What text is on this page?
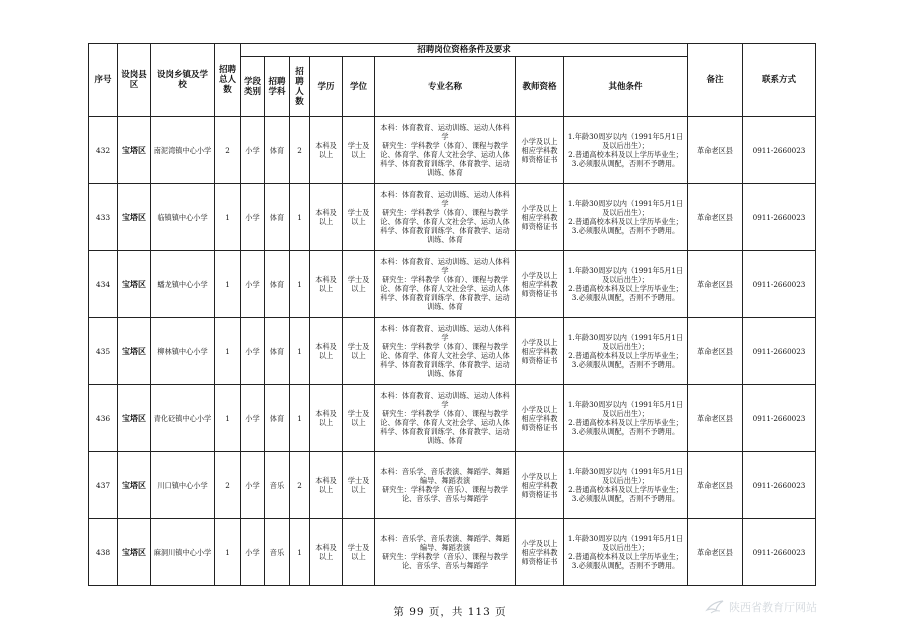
序号	设岗县区	设岗乡镇及学校	招聘总人数	招聘岗位资格条件及要求								备注	联系方式
				学段类别	招聘学科	招聘人数	学历	学位	专业名称	教师资格	其他条件		
432	宝塔区	南泥湾镇中心小学	2	小学	体育	2	本科及以上	学士及以上	本科：体育教育、运动训练、运动人体科学
研究生：学科教学（体育）、课程与教学论、体育学、体育人文社会学、运动人体科学、体育教育训练学、体育教学、运动训练、体育	小学及以上相应学科教师资格证书	1.年龄30周岁以内（1991年5月1日及以后出生）；
2.普通高校本科及以上学历毕业生；
3.必须服从调配，否则不予聘用。	革命老区县	0911-2660023
433	宝塔区	临镇镇中心小学	1	小学	体育	1	本科及以上	学士及以上	本科：体育教育、运动训练、运动人体科学
研究生：学科教学（体育）、课程与教学论、体育学、体育人文社会学、运动人体科学、体育教育训练学、体育教学、运动训练、体育	小学及以上相应学科教师资格证书	1.年龄30周岁以内（1991年5月1日及以后出生）；
2.普通高校本科及以上学历毕业生；
3.必须服从调配，否则不予聘用。	革命老区县	0911-2660023
434	宝塔区	蟠龙镇中心小学	1	小学	体育	1	本科及以上	学士及以上	本科：体育教育、运动训练、运动人体科学
研究生：学科教学（体育）、课程与教学论、体育学、体育人文社会学、运动人体科学、体育教育训练学、体育教学、运动训练、体育	小学及以上相应学科教师资格证书	1.年龄30周岁以内（1991年5月1日及以后出生）；
2.普通高校本科及以上学历毕业生；
3.必须服从调配，否则不予聘用。	革命老区县	0911-2660023
435	宝塔区	柳林镇中心小学	1	小学	体育	1	本科及以上	学士及以上	本科：体育教育、运动训练、运动人体科学
研究生：学科教学（体育）、课程与教学论、体育学、体育人文社会学、运动人体科学、体育教育训练学、体育教学、运动训练、体育	小学及以上相应学科教师资格证书	1.年龄30周岁以内（1991年5月1日及以后出生）；
2.普通高校本科及以上学历毕业生；
3.必须服从调配，否则不予聘用。	革命老区县	0911-2660023
436	宝塔区	青化砭镇中心小学	1	小学	体育	1	本科及以上	学士及以上	本科：体育教育、运动训练、运动人体科学
研究生：学科教学（体育）、课程与教学论、体育学、体育人文社会学、运动人体科学、体育教育训练学、体育教学、运动训练、体育	小学及以上相应学科教师资格证书	1.年龄30周岁以内（1991年5月1日及以后出生）；
2.普通高校本科及以上学历毕业生；
3.必须服从调配，否则不予聘用。	革命老区县	0911-2660023
437	宝塔区	川口镇中心小学	2	小学	音乐	2	本科及以上	学士及以上	本科：音乐学、音乐表演、舞蹈学、舞蹈编导、舞蹈表演
研究生：学科教学（音乐）、课程与教学论、音乐学、音乐与舞蹈学	小学及以上相应学科教师资格证书	1.年龄30周岁以内（1991年5月1日及以后出生）；
2.普通高校本科及以上学历毕业生；
3.必须服从调配，否则不予聘用。	革命老区县	0911-2660023
438	宝塔区	麻洞川镇中心小学	1	小学	音乐	1	本科及以上	学士及以上	本科：音乐学、音乐表演、舞蹈学、舞蹈编导、舞蹈表演
研究生：学科教学（音乐）、课程与教学论、音乐学、音乐与舞蹈学	小学及以上相应学科教师资格证书	1.年龄30周岁以内（1991年5月1日及以后出生）；
2.普通高校本科及以上学历毕业生；
3.必须服从调配，否则不予聘用。	革命老区县	0911-2660023
第 99 页，共 113 页	陕西省教育厅网站
